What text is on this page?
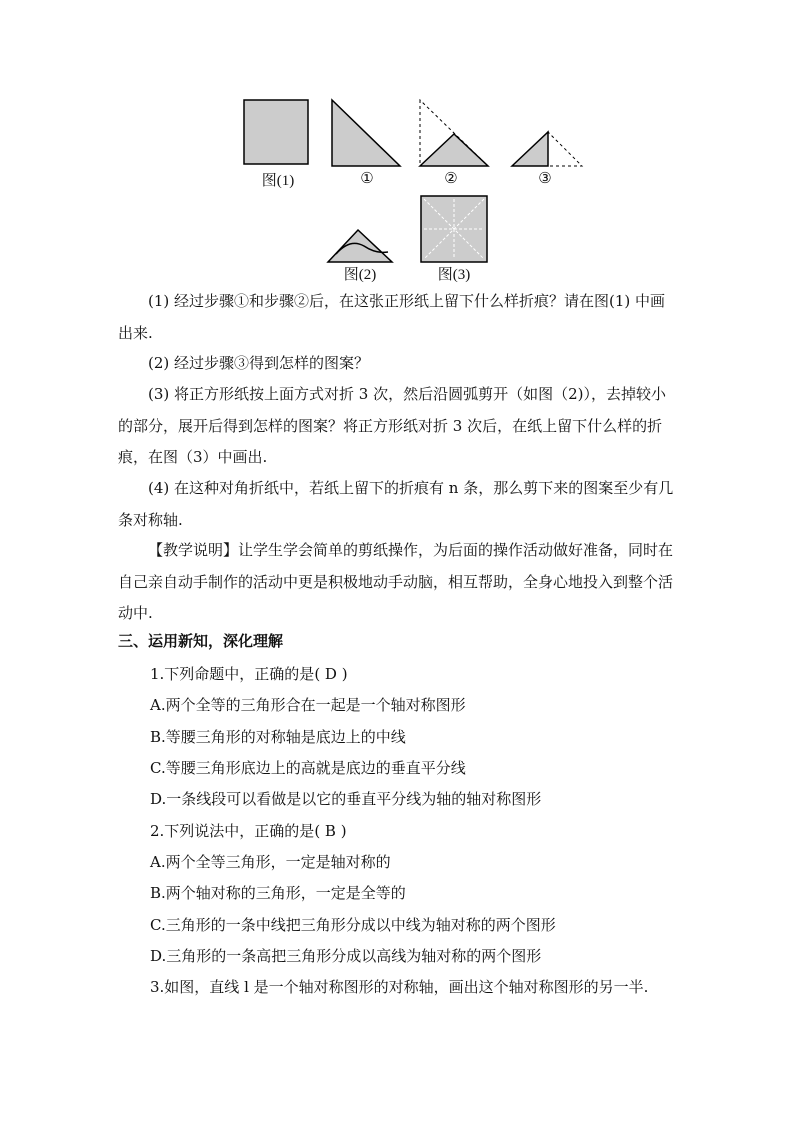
图(1)	①	②	③
图(2)	图(3)
(1) 经过步骤①和步骤②后，在这张正形纸上留下什么样折痕？请在图(1) 中画出来.
(2) 经过步骤③得到怎样的图案？
(3) 将正方形纸按上面方式对折 3 次，然后沿圆弧剪开（如图（2)），去掉较小的部分，展开后得到怎样的图案？将正方形纸对折 3 次后，在纸上留下什么样的折痕，在图（3）中画出.
(4) 在这种对角折纸中，若纸上留下的折痕有 n 条，那么剪下来的图案至少有几条对称轴.
【教学说明】让学生学会简单的剪纸操作，为后面的操作活动做好准备，同时在自己亲自动手制作的活动中更是积极地动手动脑，相互帮助，全身心地投入到整个活动中.
三、运用新知，深化理解
1.下列命题中，正确的是( D )
A.两个全等的三角形合在一起是一个轴对称图形
B.等腰三角形的对称轴是底边上的中线
C.等腰三角形底边上的高就是底边的垂直平分线
D.一条线段可以看做是以它的垂直平分线为轴的轴对称图形
2.下列说法中，正确的是( B )
A.两个全等三角形，一定是轴对称的
B.两个轴对称的三角形，一定是全等的
C.三角形的一条中线把三角形分成以中线为轴对称的两个图形
D.三角形的一条高把三角形分成以高线为轴对称的两个图形
3.如图，直线 l 是一个轴对称图形的对称轴，画出这个轴对称图形的另一半.
